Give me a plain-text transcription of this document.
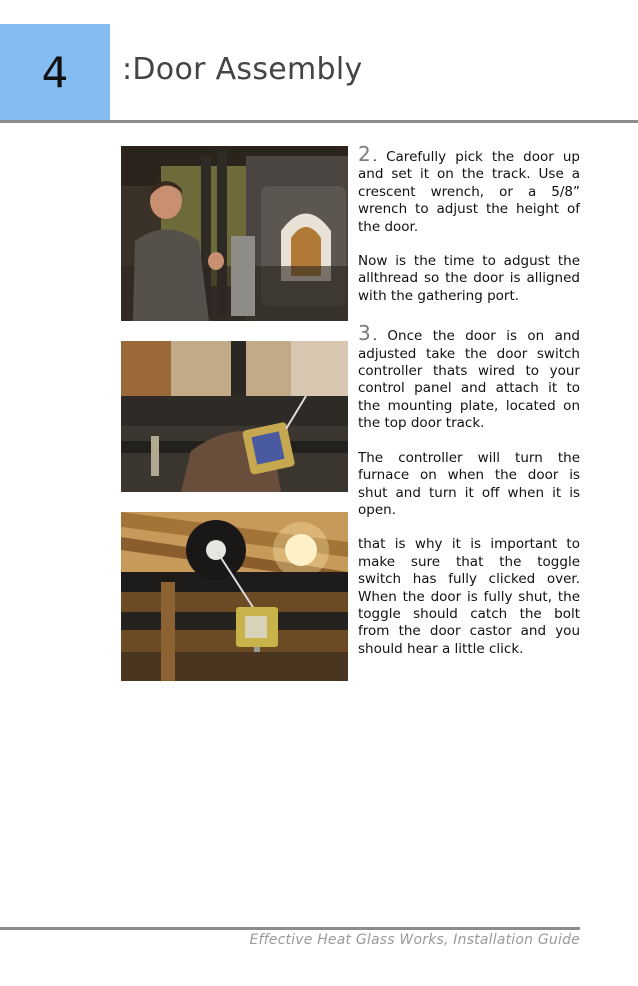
4 :Door Assembly

2 . Carefully pick the door up and set it on the track. Use a crescent wrench, or a 5/8” wrench to adjust the height of the door.

Now is the time to adgust the allthread so the door is alligned with the gathering port.

3 . Once the door is on and adjusted take the door switch controller thats wired to your control panel and attach it to the mounting plate, located on the top door track.

The controller will turn the furnace on when the door is shut and turn it off when it is open.

that is why it is important to make sure that the toggle switch has fully clicked over. When the door is fully shut, the toggle should catch the bolt from the door castor and you should hear a little click.

Effective Heat Glass Works, Installation Guide
